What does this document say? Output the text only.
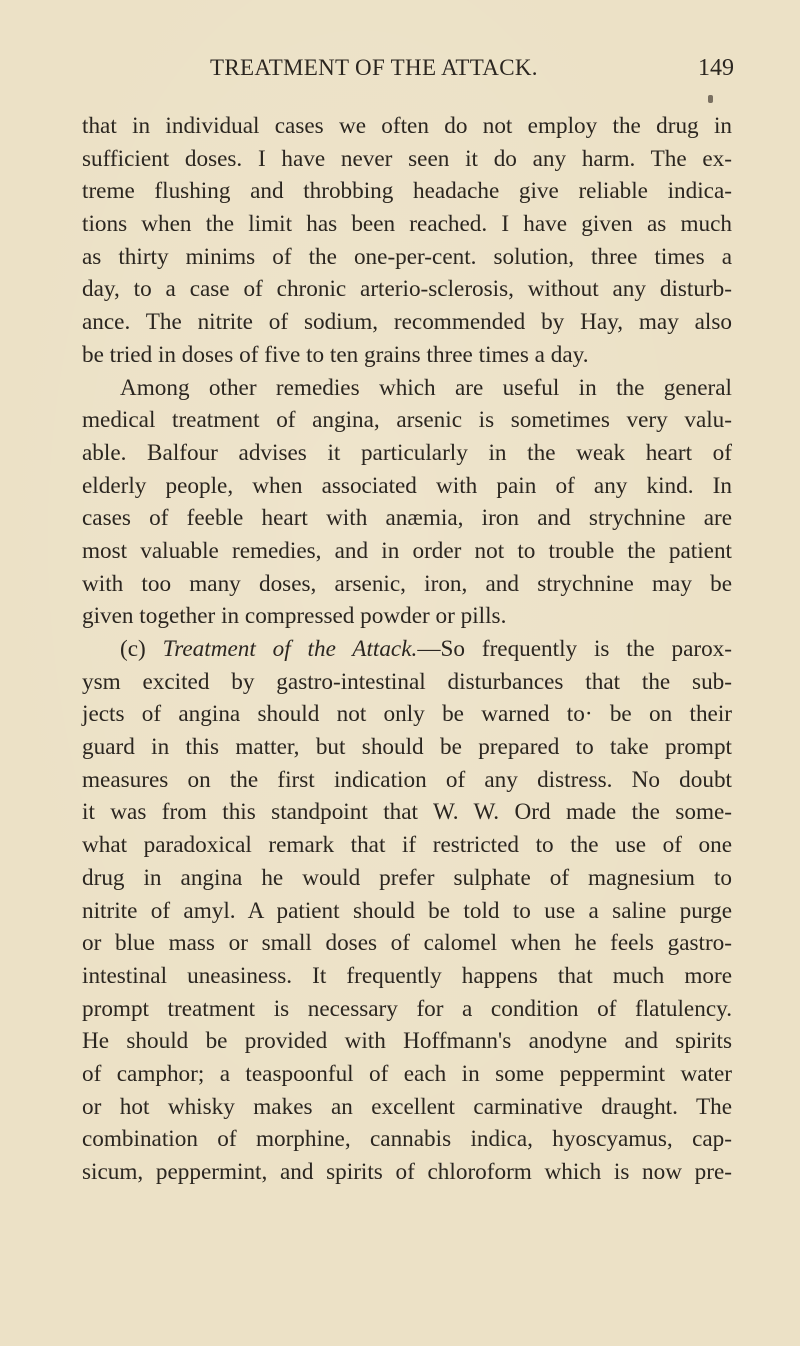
TREATMENT OF THE ATTACK.	149
that in individual cases we often do not employ the drug in
sufficient doses. I have never seen it do any harm. The ex-
treme flushing and throbbing headache give reliable indica-
tions when the limit has been reached. I have given as much
as thirty minims of the one-per-cent. solution, three times a
day, to a case of chronic arterio-sclerosis, without any disturb-
ance. The nitrite of sodium, recommended by Hay, may also
be tried in doses of five to ten grains three times a day.
Among other remedies which are useful in the general
medical treatment of angina, arsenic is sometimes very valu-
able. Balfour advises it particularly in the weak heart of
elderly people, when associated with pain of any kind. In
cases of feeble heart with anæmia, iron and strychnine are
most valuable remedies, and in order not to trouble the patient
with too many doses, arsenic, iron, and strychnine may be
given together in compressed powder or pills.
(c) Treatment of the Attack.—So frequently is the parox-
ysm excited by gastro-intestinal disturbances that the sub-
jects of angina should not only be warned to· be on their
guard in this matter, but should be prepared to take prompt
measures on the first indication of any distress. No doubt
it was from this standpoint that W. W. Ord made the some-
what paradoxical remark that if restricted to the use of one
drug in angina he would prefer sulphate of magnesium to
nitrite of amyl. A patient should be told to use a saline purge
or blue mass or small doses of calomel when he feels gastro-
intestinal uneasiness. It frequently happens that much more
prompt treatment is necessary for a condition of flatulency.
He should be provided with Hoffmann's anodyne and spirits
of camphor; a teaspoonful of each in some peppermint water
or hot whisky makes an excellent carminative draught. The
combination of morphine, cannabis indica, hyoscyamus, cap-
sicum, peppermint, and spirits of chloroform which is now pre-
